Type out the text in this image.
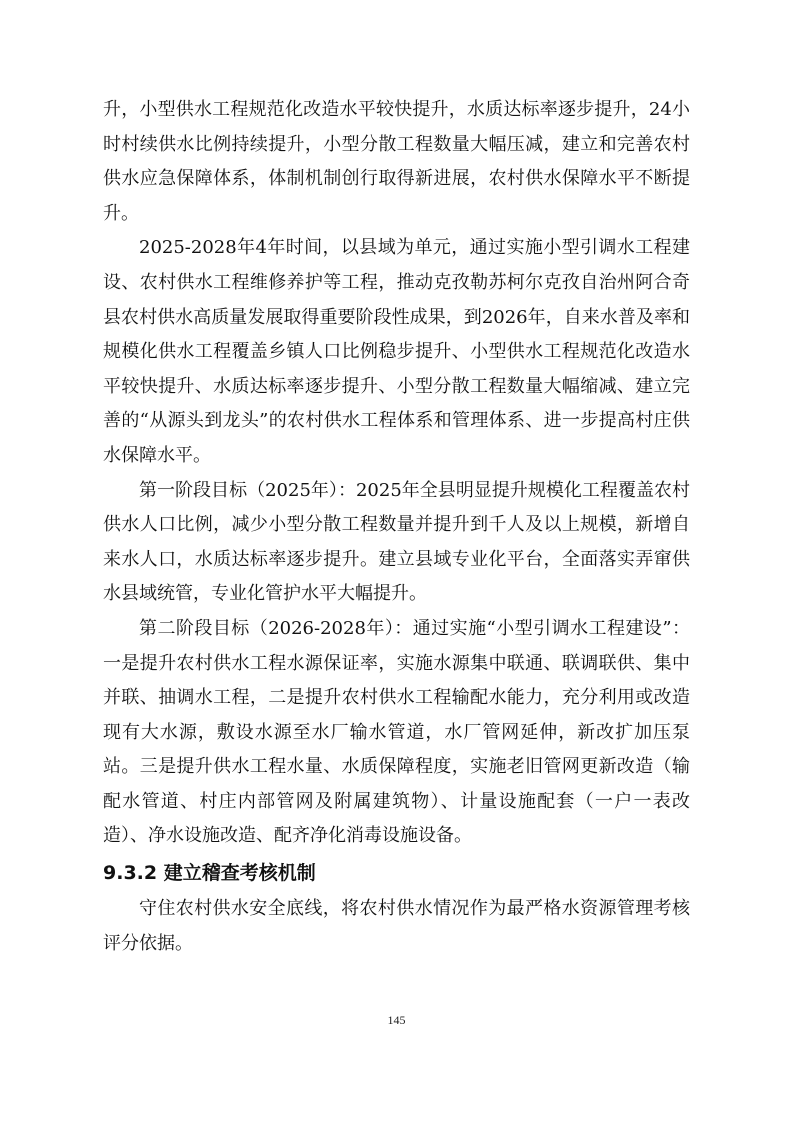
升，小型供水工程规范化改造水平较快提升，水质达标率逐步提升，24小时村续供水比例持续提升，小型分散工程数量大幅压减，建立和完善农村供水应急保障体系，体制机制创行取得新进展，农村供水保障水平不断提升。

2025-2028年4年时间，以县域为单元，通过实施小型引调水工程建设、农村供水工程维修养护等工程，推动克孜勒苏柯尔克孜自治州阿合奇县农村供水高质量发展取得重要阶段性成果，到2026年，自来水普及率和规模化供水工程覆盖乡镇人口比例稳步提升、小型供水工程规范化改造水平较快提升、水质达标率逐步提升、小型分散工程数量大幅缩减、建立完善的“从源头到龙头”的农村供水工程体系和管理体系、进一步提高村庄供水保障水平。

第一阶段目标（2025年）：2025年全县明显提升规模化工程覆盖农村供水人口比例，减少小型分散工程数量并提升到千人及以上规模，新增自来水人口，水质达标率逐步提升。建立县域专业化平台，全面落实弄窜供水县域统管，专业化管护水平大幅提升。

第二阶段目标（2026-2028年）：通过实施“小型引调水工程建设”：一是提升农村供水工程水源保证率，实施水源集中联通、联调联供、集中并联、抽调水工程，二是提升农村供水工程输配水能力，充分利用或改造现有大水源，敷设水源至水厂输水管道，水厂管网延伸，新改扩加压泵站。三是提升供水工程水量、水质保障程度，实施老旧管网更新改造（输配水管道、村庄内部管网及附属建筑物）、计量设施配套（一户一表改造）、净水设施改造、配齐净化消毒设施设备。

9.3.2 建立稽查考核机制

守住农村供水安全底线，将农村供水情况作为最严格水资源管理考核评分依据。

145
